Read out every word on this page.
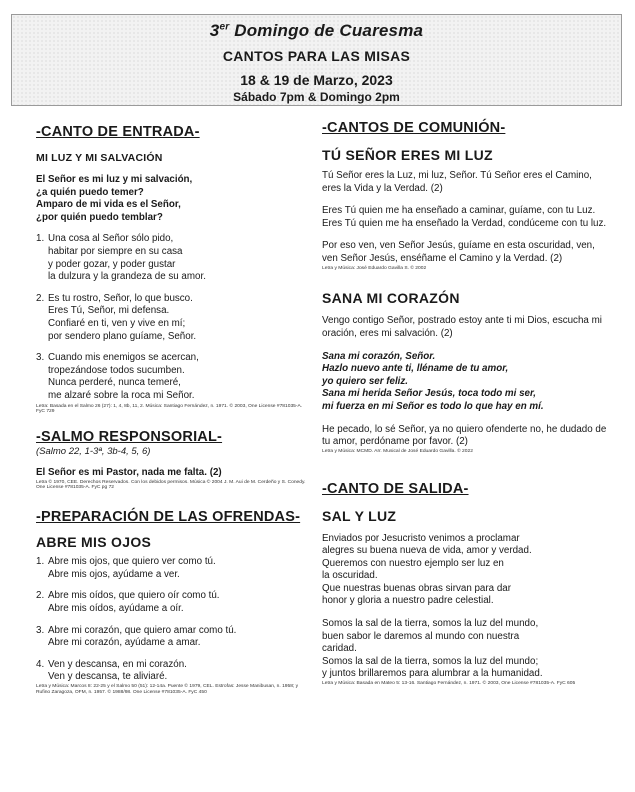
3er Domingo de Cuaresma
CANTOS PARA LAS MISAS
18 & 19 de Marzo, 2023
Sábado 7pm & Domingo 2pm
-CANTO DE ENTRADA-
MI LUZ Y MI SALVACIÓN
El Señor es mi luz y mi salvación,
¿a quién puedo temer?
Amparo de mi vida es el Señor,
¿por quién puedo temblar?
1. Una cosa al Señor sólo pido,
habitar por siempre en su casa
y poder gozar, y poder gustar
la dulzura y la grandeza de su amor.
2. Es tu rostro, Señor, lo que busco.
Eres Tú, Señor, mi defensa.
Confiaré en ti, ven y vive en mí;
por sendero plano guíame, Señor.
3. Cuando mis enemigos se acercan,
tropezándose todos sucumben.
Nunca perderé, nunca temeré,
me alzaré sobre la roca mi Señor.
Letra: Basada en el Salmo 26 (27): 1, 4, 8b, 11, 2. Música: Santiago Fernández, n. 1971. © 2003, One License #781035-A. FyC 729
-SALMO RESPONSORIAL-
(Salmo 22, 1-3ª, 3b-4, 5, 6)
El Señor es mi Pastor, nada me falta. (2)
Letra © 1970, CEE. Derechos Reservados. Con los debidos permisos. Música © 2004 J. M. Aui de M. Cerdeño y S. Conedy. One License #781035-A. FyC pg 72
-PREPARACIÓN DE LAS OFRENDAS-
ABRE MIS OJOS
1. Abre mis ojos, que quiero ver como tú.
Abre mis ojos, ayúdame a ver.
2. Abre mis oídos, que quiero oír como tú.
Abre mis oídos, ayúdame a oír.
3. Abre mi corazón, que quiero amar como tú.
Abre mi corazón, ayúdame a amar.
4. Ven y descansa, en mi corazón.
Ven y descansa, te aliviaré.
Letra y Música: Marcos 8: 22-25 y el Salmo 50 (51): 12-14a. Puente © 1979, CEL. Estrofas: Jesse Manibusan, n. 1958; y Rufino Zaragoza, OFM, n. 1957. © 1988/98. One License #781035-A. FyC 450
-CANTOS DE COMUNIÓN-
TÚ SEÑOR ERES MI LUZ
Tú Señor eres la Luz, mi luz, Señor. Tú Señor eres el Camino, eres la Vida y la Verdad. (2)
Eres Tú quien me ha enseñado a caminar, guíame, con tu Luz. Eres Tú quien me ha enseñado la Verdad, condúceme con tu luz.
Por eso ven, ven Señor Jesús, guíame en esta oscuridad, ven, ven Señor Jesús, enséñame el Camino y la Verdad. (2)
Letra y Música: José Eduardo Gavilla S. © 2002
SANA MI CORAZÓN
Vengo contigo Señor, postrado estoy ante ti mi Dios, escucha mi oración, eres mi salvación. (2)
Sana mi corazón, Señor.
Hazlo nuevo ante ti, lléname de tu amor,
yo quiero ser feliz.
Sana mi herida Señor Jesús, toca todo mi ser,
mi fuerza en mi Señor es todo lo que hay en mí.
He pecado, lo sé Señor, ya no quiero ofenderte no, he dudado de tu amor, perdóname por favor. (2)
Letra y Música: MCMD. Arr. Musical de José Eduardo Gavilla. © 2022
-CANTO DE SALIDA-
SAL Y LUZ
Enviados por Jesucristo venimos a proclamar
alegres su buena nueva de vida, amor y verdad.
Queremos con nuestro ejemplo ser luz en
la oscuridad.
Que nuestras buenas obras sirvan para dar
honor y gloria a nuestro padre celestial.
Somos la sal de la tierra, somos la luz del mundo,
buen sabor le daremos al mundo con nuestra
caridad.
Somos la sal de la tierra, somos la luz del mundo;
y juntos brillaremos para alumbrar a la humanidad.
Letra y Música: Basada en Mateo 5: 13-16. Santiago Fernández, n. 1971. © 2003, One License #781035-A. FyC 605
